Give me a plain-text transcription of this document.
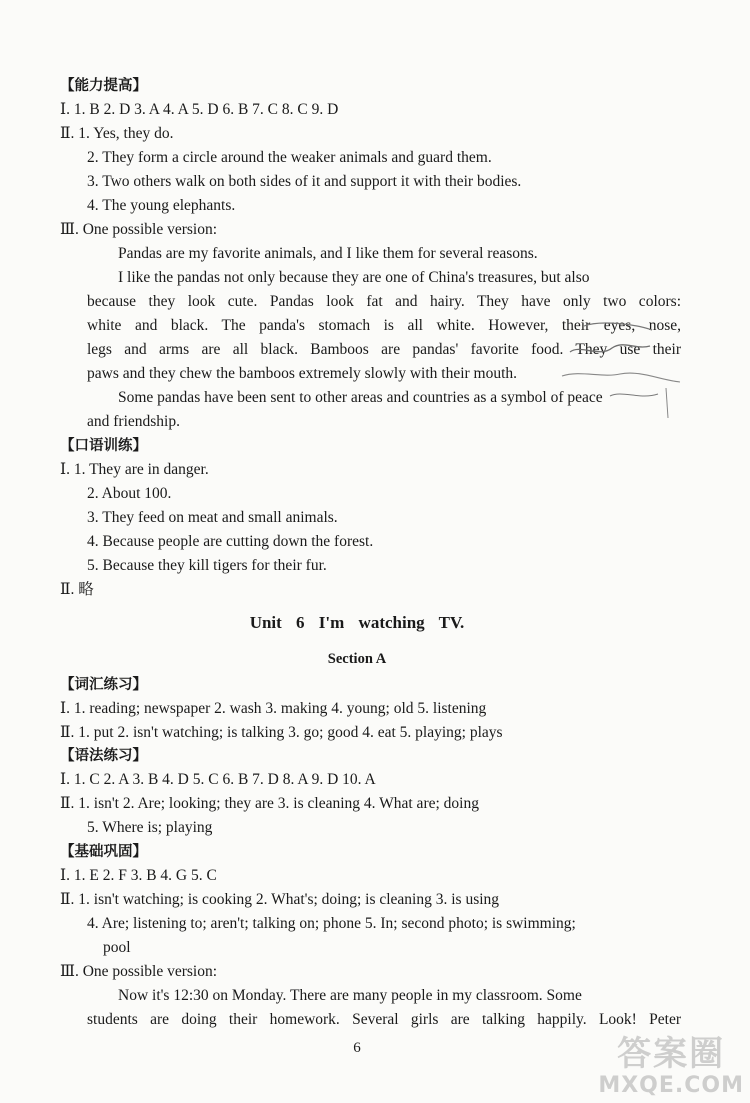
【能力提高】
Ⅰ. 1. B 2. D 3. A 4. A 5. D 6. B 7. C 8. C 9. D
Ⅱ. 1. Yes, they do.
2. They form a circle around the weaker animals and guard them.
3. Two others walk on both sides of it and support it with their bodies.
4. The young elephants.
Ⅲ. One possible version:
Pandas are my favorite animals, and I like them for several reasons.
I like the pandas not only because they are one of China's treasures, but also
because they look cute. Pandas look fat and hairy. They have only two colors:
white and black. The panda's stomach is all white. However, their eyes, nose,
legs and arms are all black. Bamboos are pandas' favorite food. They use their
paws and they chew the bamboos extremely slowly with their mouth.
Some pandas have been sent to other areas and countries as a symbol of peace
and friendship.
【口语训练】
Ⅰ. 1. They are in danger.
2. About 100.
3. They feed on meat and small animals.
4. Because people are cutting down the forest.
5. Because they kill tigers for their fur.
Ⅱ. 略
Unit 6 I'm watching TV.
Section A
【词汇练习】
Ⅰ. 1. reading; newspaper 2. wash 3. making 4. young; old 5. listening
Ⅱ. 1. put 2. isn't watching; is talking 3. go; good 4. eat 5. playing; plays
【语法练习】
Ⅰ. 1. C 2. A 3. B 4. D 5. C 6. B 7. D 8. A 9. D 10. A
Ⅱ. 1. isn't 2. Are; looking; they are 3. is cleaning 4. What are; doing
5. Where is; playing
【基础巩固】
Ⅰ. 1. E 2. F 3. B 4. G 5. C
Ⅱ. 1. isn't watching; is cooking 2. What's; doing; is cleaning 3. is using
4. Are; listening to; aren't; talking on; phone 5. In; second photo; is swimming;
pool
Ⅲ. One possible version:
Now it's 12:30 on Monday. There are many people in my classroom. Some
students are doing their homework. Several girls are talking happily. Look! Peter
6	答案圈
MXQE.COM
